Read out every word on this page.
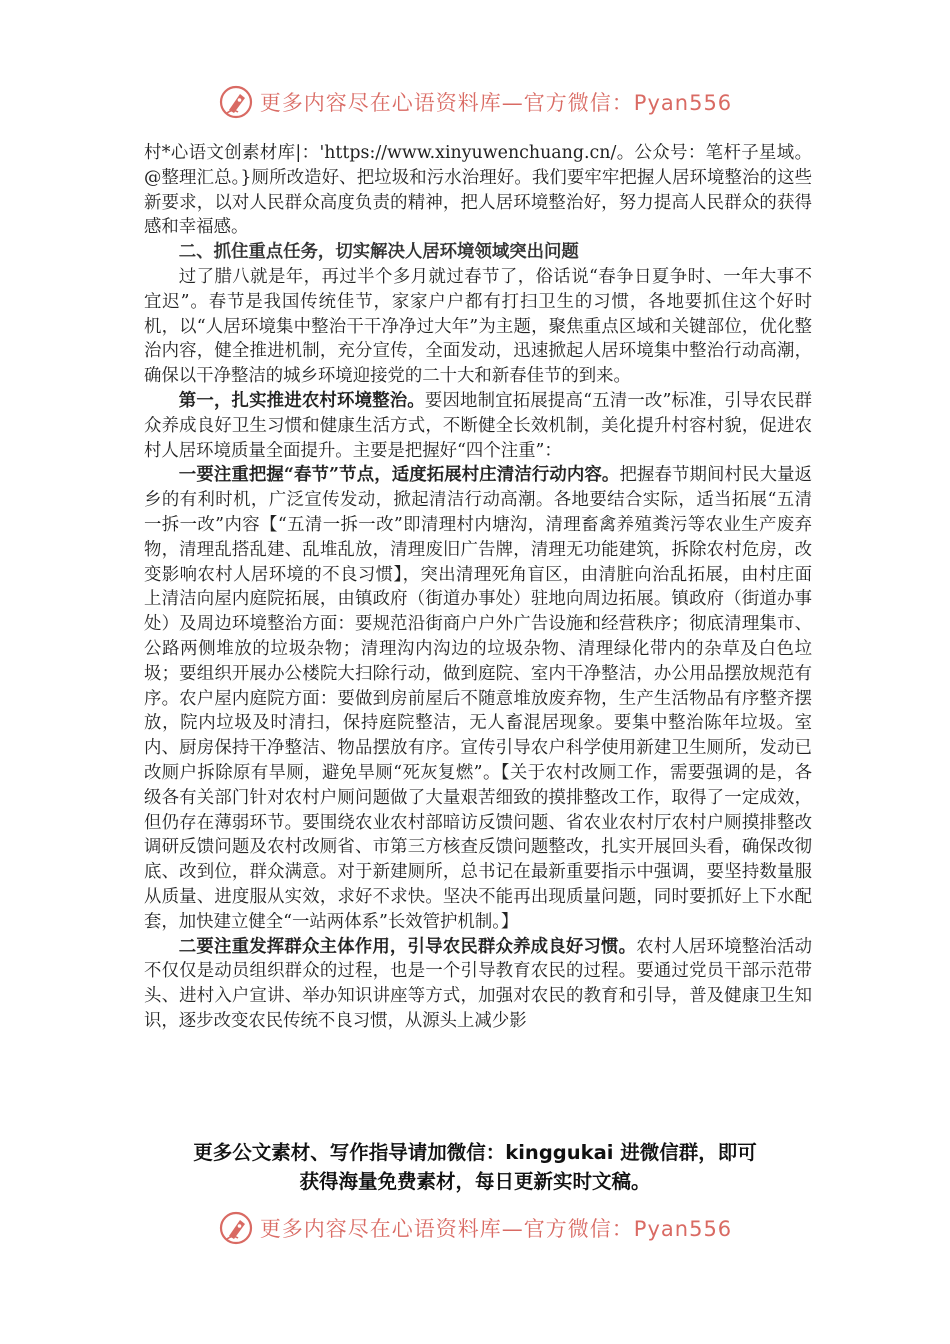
更多内容尽在心语资料库—官方微信：Pyan556

村*心语文创素材库|：'https://www.xinyuwenchuang.cn/。公众号：笔杆子星域。@整理汇总。}厕所改造好、把垃圾和污水治理好。我们要牢牢把握人居环境整治的这些新要求，以对人民群众高度负责的精神，把人居环境整治好，努力提高人民群众的获得感和幸福感。

二、抓住重点任务，切实解决人居环境领域突出问题

过了腊八就是年，再过半个多月就过春节了，俗话说“春争日夏争时、一年大事不宜迟”。春节是我国传统佳节，家家户户都有打扫卫生的习惯，各地要抓住这个好时机，以“人居环境集中整治干干净净过大年”为主题，聚焦重点区域和关键部位，优化整治内容，健全推进机制，充分宣传，全面发动，迅速掀起人居环境集中整治行动高潮，确保以干净整洁的城乡环境迎接党的二十大和新春佳节的到来。

第一，扎实推进农村环境整治。要因地制宜拓展提高“五清一改”标准，引导农民群众养成良好卫生习惯和健康生活方式，不断健全长效机制，美化提升村容村貌，促进农村人居环境质量全面提升。主要是把握好“四个注重”：

一要注重把握“春节”节点，适度拓展村庄清洁行动内容。把握春节期间村民大量返乡的有利时机，广泛宣传发动，掀起清洁行动高潮。各地要结合实际，适当拓展“五清一拆一改”内容【“五清一拆一改”即清理村内塘沟，清理畜禽养殖粪污等农业生产废弃物，清理乱搭乱建、乱堆乱放，清理废旧广告牌，清理无功能建筑，拆除农村危房，改变影响农村人居环境的不良习惯】，突出清理死角盲区，由清脏向治乱拓展，由村庄面上清洁向屋内庭院拓展，由镇政府（街道办事处）驻地向周边拓展。镇政府（街道办事处）及周边环境整治方面：要规范沿街商户户外广告设施和经营秩序；彻底清理集市、公路两侧堆放的垃圾杂物；清理沟内沟边的垃圾杂物、清理绿化带内的杂草及白色垃圾；要组织开展办公楼院大扫除行动，做到庭院、室内干净整洁，办公用品摆放规范有序。农户屋内庭院方面：要做到房前屋后不随意堆放废弃物，生产生活物品有序整齐摆放，院内垃圾及时清扫，保持庭院整洁，无人畜混居现象。要集中整治陈年垃圾。室内、厨房保持干净整洁、物品摆放有序。宣传引导农户科学使用新建卫生厕所，发动已改厕户拆除原有旱厕，避免旱厕“死灰复燃”。【关于农村改厕工作，需要强调的是，各级各有关部门针对农村户厕问题做了大量艰苦细致的摸排整改工作，取得了一定成效，但仍存在薄弱环节。要围绕农业农村部暗访反馈问题、省农业农村厅农村户厕摸排整改调研反馈问题及农村改厕省、市第三方核查反馈问题整改，扎实开展回头看，确保改彻底、改到位，群众满意。对于新建厕所，总书记在最新重要指示中强调，要坚持数量服从质量、进度服从实效，求好不求快。坚决不能再出现质量问题，同时要抓好上下水配套，加快建立健全“一站两体系”长效管护机制。】

二要注重发挥群众主体作用，引导农民群众养成良好习惯。农村人居环境整治活动不仅仅是动员组织群众的过程，也是一个引导教育农民的过程。要通过党员干部示范带头、进村入户宣讲、举办知识讲座等方式，加强对农民的教育和引导，普及健康卫生知识，逐步改变农民传统不良习惯，从源头上减少影

更多公文素材、写作指导请加微信：kinggukai 进微信群，即可
获得海量免费素材，每日更新实时文稿。
更多内容尽在心语资料库—官方微信：Pyan556
